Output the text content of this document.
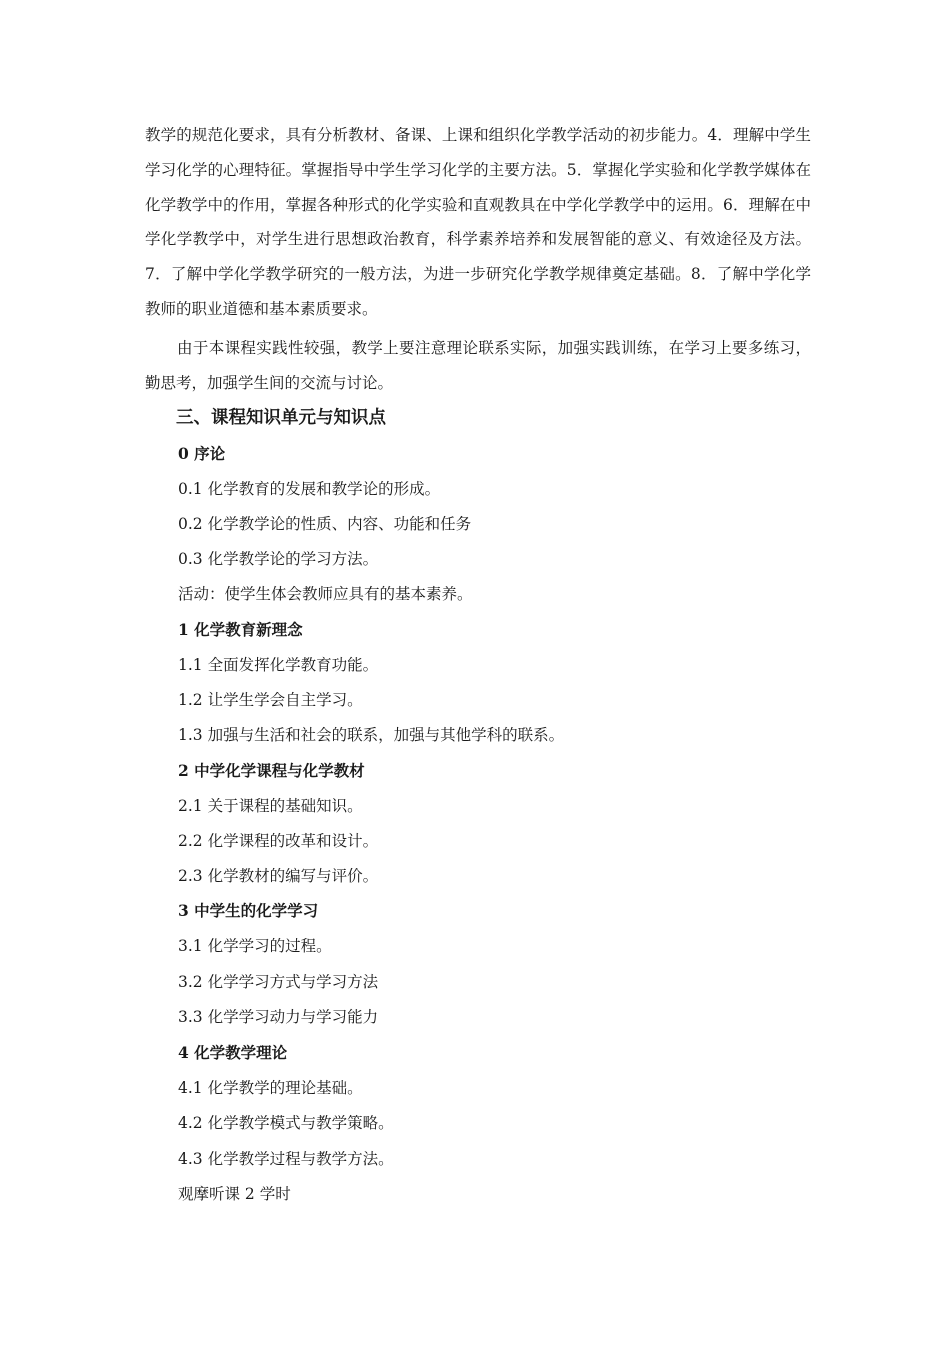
教学的规范化要求，具有分析教材、备课、上课和组织化学教学活动的初步能力。4．理解中学生学习化学的心理特征。掌握指导中学生学习化学的主要方法。5．掌握化学实验和化学教学媒体在化学教学中的作用，掌握各种形式的化学实验和直观教具在中学化学教学中的运用。6．理解在中学化学教学中，对学生进行思想政治教育，科学素养培养和发展智能的意义、有效途径及方法。7．了解中学化学教学研究的一般方法，为进一步研究化学教学规律奠定基础。8．了解中学化学教师的职业道德和基本素质要求。

由于本课程实践性较强，教学上要注意理论联系实际，加强实践训练，在学习上要多练习，勤思考，加强学生间的交流与讨论。

三、课程知识单元与知识点
0 序论

0.1 化学教育的发展和教学论的形成。

0.2 化学教学论的性质、内容、功能和任务

0.3 化学教学论的学习方法。

活动：使学生体会教师应具有的基本素养。

1 化学教育新理念

1.1 全面发挥化学教育功能。

1.2 让学生学会自主学习。

1.3 加强与生活和社会的联系，加强与其他学科的联系。

2 中学化学课程与化学教材

2.1 关于课程的基础知识。

2.2 化学课程的改革和设计。

2.3 化学教材的编写与评价。

3 中学生的化学学习

3.1 化学学习的过程。

3.2 化学学习方式与学习方法

3.3 化学学习动力与学习能力

4 化学教学理论

4.1 化学教学的理论基础。

4.2 化学教学模式与教学策略。

4.3 化学教学过程与教学方法。

观摩听课 2 学时
